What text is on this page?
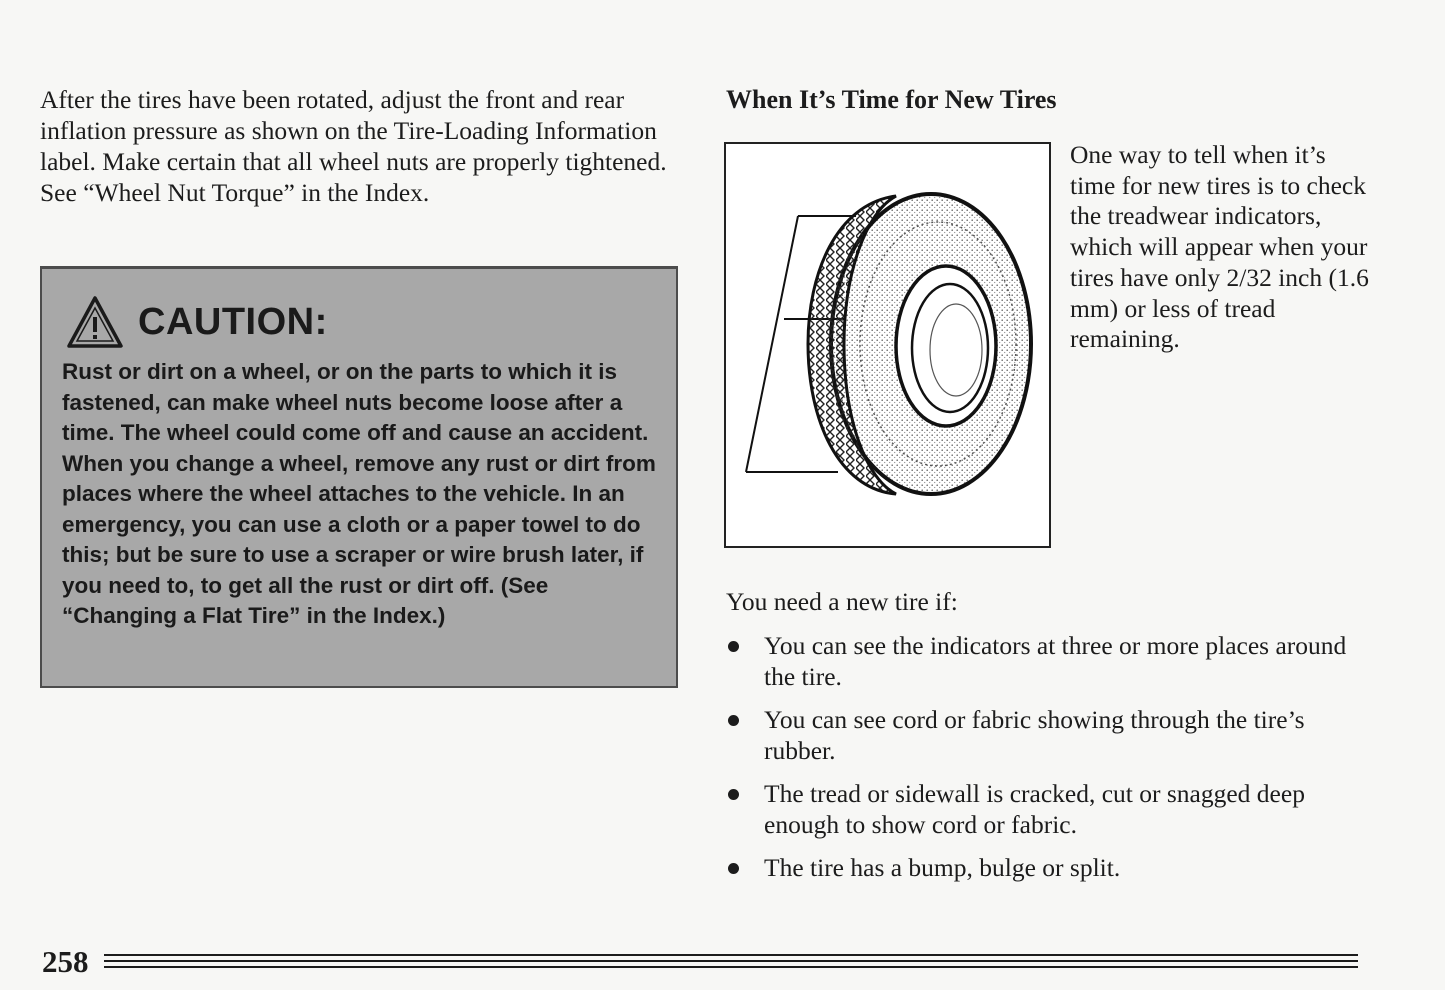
After the tires have been rotated, adjust the front and rear inflation pressure as shown on the Tire-Loading Information label. Make certain that all wheel nuts are properly tightened. See “Wheel Nut Torque” in the Index.

CAUTION:

Rust or dirt on a wheel, or on the parts to which it is fastened, can make wheel nuts become loose after a time. The wheel could come off and cause an accident. When you change a wheel, remove any rust or dirt from places where the wheel attaches to the vehicle. In an emergency, you can use a cloth or a paper towel to do this; but be sure to use a scraper or wire brush later, if you need to, to get all the rust or dirt off. (See “Changing a Flat Tire” in the Index.)

When It’s Time for New Tires

One way to tell when it’s time for new tires is to check the treadwear indicators, which will appear when your tires have only 2/32 inch (1.6 mm) or less of tread remaining.

You need a new tire if:

You can see the indicators at three or more places around the tire.
You can see cord or fabric showing through the tire’s rubber.
The tread or sidewall is cracked, cut or snagged deep enough to show cord or fabric.
The tire has a bump, bulge or split.

258
